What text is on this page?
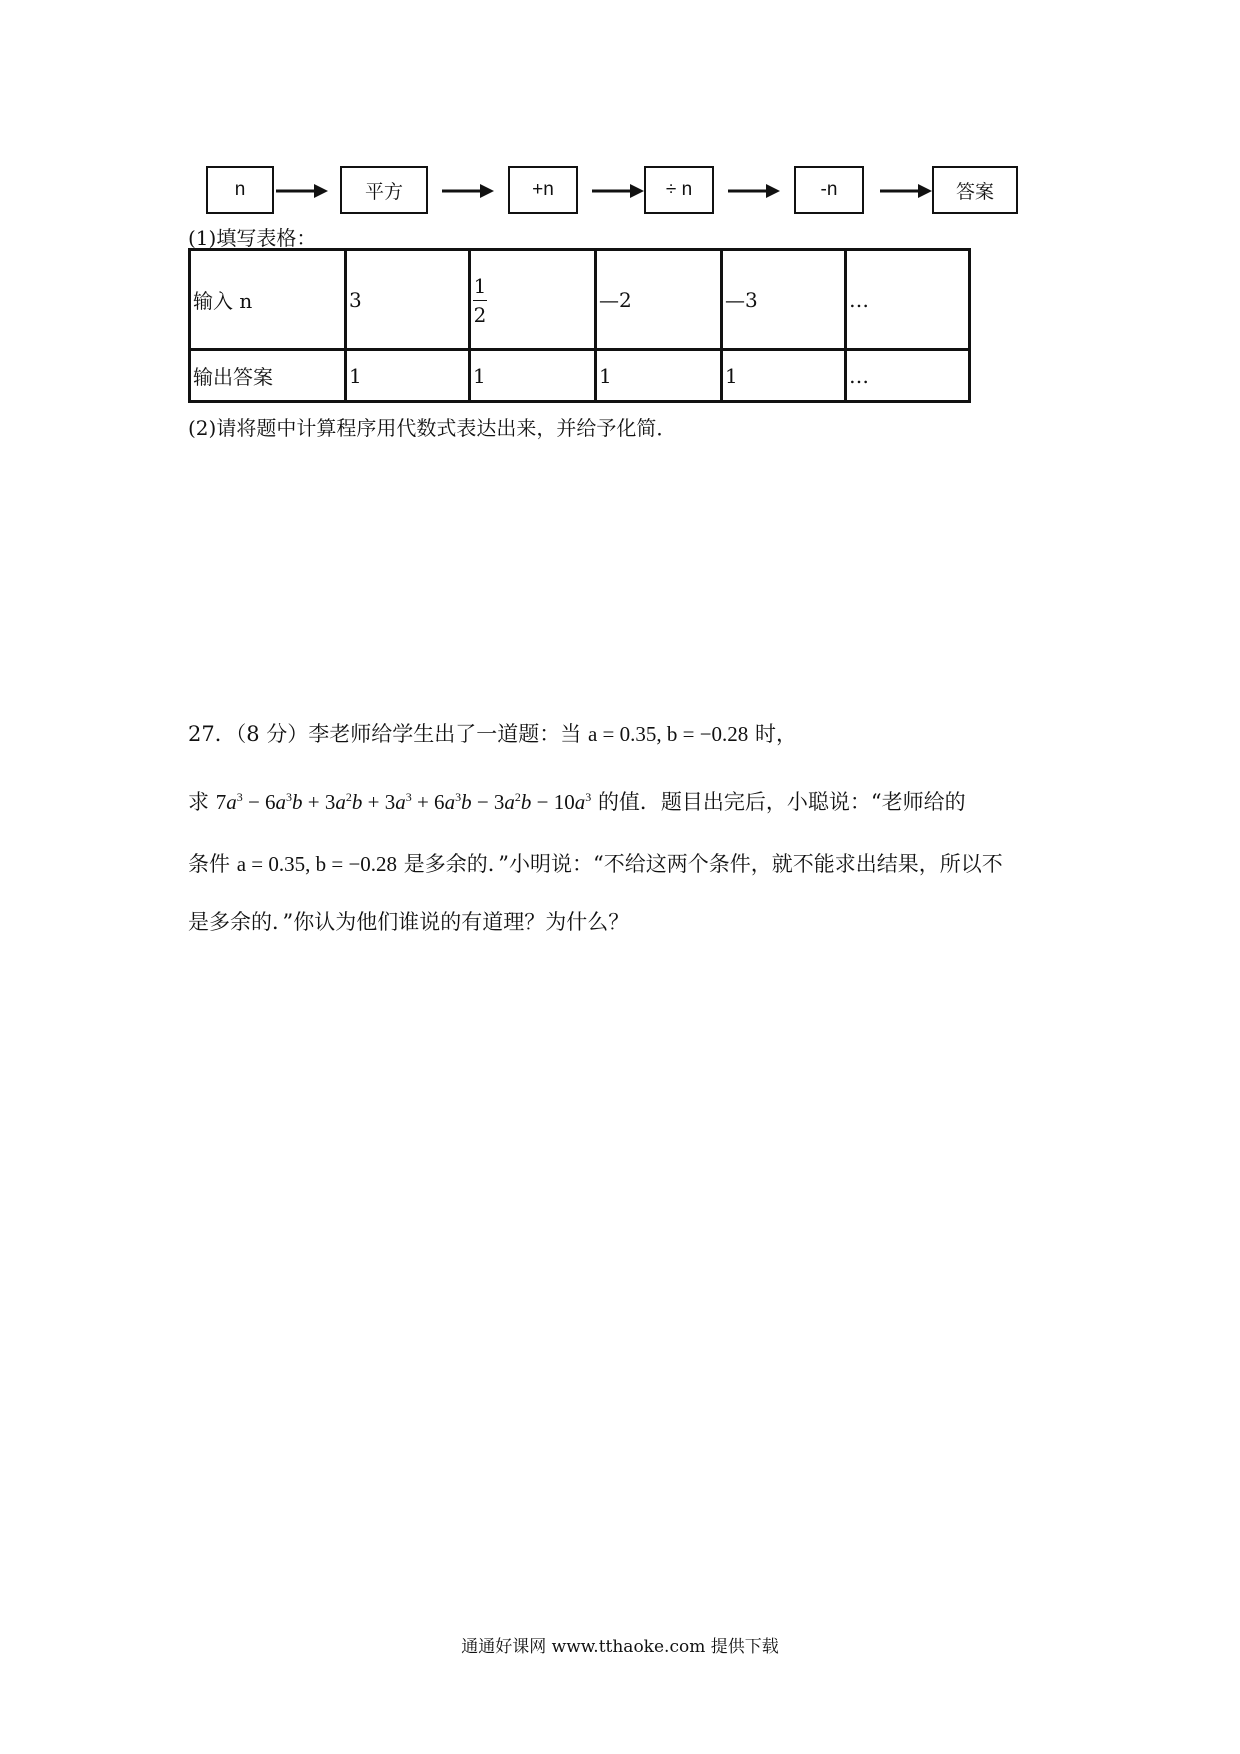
n	平方	+n	÷ n	-n	答案
(1)填写表格：
输入 n	3	$\frac{1}{2}$	—2	—3	…
输出答案	1	1	1	1	…
(2)请将题中计算程序用代数式表达出来，并给予化简．
27．（8 分）李老师给学生出了一道题：当 a = 0.35, b = −0.28 时，
求 $7a^3 - 6a^3b + 3a^2b + 3a^3 + 6a^3b - 3a^2b - 10a^3$ 的值．题目出完后，小聪说：“老师给的
条件 a = 0.35, b = −0.28 是多余的．”小明说：“不给这两个条件，就不能求出结果，所以不
是多余的．”你认为他们谁说的有道理？为什么？
通通好课网 www.tthaoke.com 提供下载
